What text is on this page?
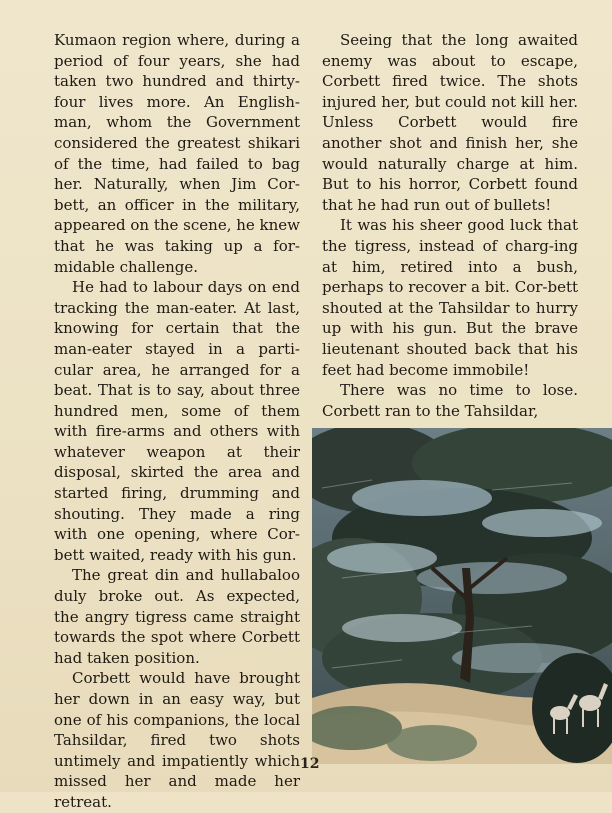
Kumaon region where, during a period of four years, she had taken two hundred and thirty-four lives more. An English-man, whom the Government considered the greatest shikari of the time, had failed to bag her. Naturally, when Jim Cor-bett, an officer in the military, appeared on the scene, he knew that he was taking up a for-midable challenge.

He had to labour days on end tracking the man-eater. At last, knowing for certain that the man-eater stayed in a parti-cular area, he arranged for a beat. That is to say, about three hundred men, some of them with fire-arms and others with whatever weapon at their disposal, skirted the area and started firing, drumming and shouting. They made a ring with one opening, where Cor-bett waited, ready with his gun.

The great din and hullabaloo duly broke out. As expected, the angry tigress came straight towards the spot where Corbett had taken position.

Corbett would have brought her down in an easy way, but one of his companions, the local Tahsildar, fired two shots untimely and impatiently which missed her and made her retreat.

Seeing that the long awaited enemy was about to escape, Corbett fired twice. The shots injured her, but could not kill her. Unless Corbett would fire another shot and finish her, she would naturally charge at him. But to his horror, Corbett found that he had run out of bullets!

It was his sheer good luck that the tigress, instead of charg-ing at him, retired into a bush, perhaps to recover a bit. Cor-bett shouted at the Tahsildar to hurry up with his gun. But the brave lieutenant shouted back that his feet had become immobile!

There was no time to lose. Corbett ran to the Tahsildar,

12
